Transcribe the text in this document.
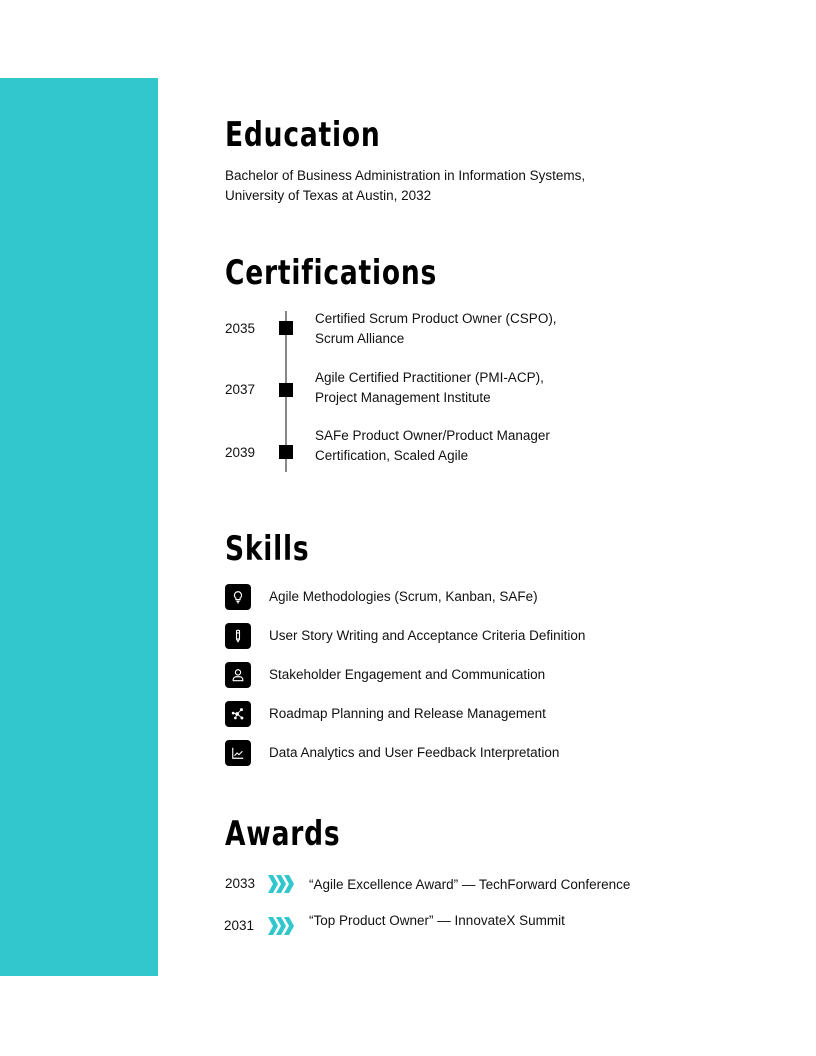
Education
Bachelor of Business Administration in Information Systems,
University of Texas at Austin, 2032
Certifications
2035
Certified Scrum Product Owner (CSPO),
Scrum Alliance
2037
Agile Certified Practitioner (PMI-ACP),
Project Management Institute
2039
SAFe Product Owner/Product Manager
Certification, Scaled Agile
Skills
Agile Methodologies (Scrum, Kanban, SAFe)
User Story Writing and Acceptance Criteria Definition
Stakeholder Engagement and Communication
Roadmap Planning and Release Management
Data Analytics and User Feedback Interpretation
Awards
2033	“Agile Excellence Award” — TechForward Conference
2031	“Top Product Owner” — InnovateX Summit
